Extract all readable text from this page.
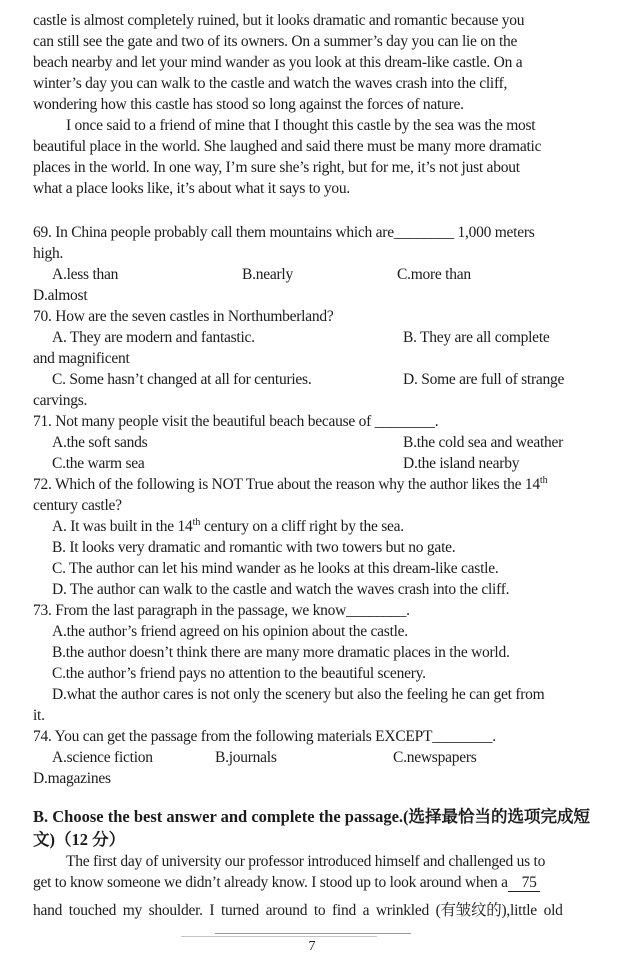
castle is almost completely ruined, but it looks dramatic and romantic because you
can still see the gate and two of its owners. On a summer’s day you can lie on the
beach nearby and let your mind wander as you look at this dream-like castle. On a
winter’s day you can walk to the castle and watch the waves crash into the cliff,
wondering how this castle has stood so long against the forces of nature.
I once said to a friend of mine that I thought this castle by the sea was the most
beautiful place in the world. She laughed and said there must be many more dramatic
places in the world. In one way, I’m sure she’s right, but for me, it’s not just about
what a place looks like, it’s about what it says to you.
69. In China people probably call them mountains which are________ 1,000 meters
high.

A.less than

	B.nearly

	C.more than

D.almost
70. How are the seven castles in Northumberland?

A. They are modern and fantastic.

	B. They are all complete

and magnificent

C. Some hasn’t changed at all for centuries.

	D. Some are full of strange

carvings.
71. Not many people visit the beautiful beach because of ________.

A.the soft sands

	B.the cold sea and weather

C.the warm sea

	D.the island nearby

72. Which of the following is NOT True about the reason why the author likes the 14th
century castle?
A. It was built in the 14th century on a cliff right by the sea.
B. It looks very dramatic and romantic with two towers but no gate.
C. The author can let his mind wander as he looks at this dream-like castle.
D. The author can walk to the castle and watch the waves crash into the cliff.
73. From the last paragraph in the passage, we know________.
A.the author’s friend agreed on his opinion about the castle.
B.the author doesn’t think there are many more dramatic places in the world.
C.the author’s friend pays no attention to the beautiful scenery.
D.what the author cares is not only the scenery but also the feeling he can get from
it.
74. You can get the passage from the following materials EXCEPT________.

A.science fiction

	B.journals

	C.newspapers

D.magazines
B. Choose the best answer and complete the passage.(选择最恰当的选项完成短
文)（12 分）
The first day of university our professor introduced himself and challenged us to
get to know someone we didn’t already know. I stood up to look around when a   75
hand touched my shoulder. I turned around to find a wrinkled (有皱纹的),little old
7
